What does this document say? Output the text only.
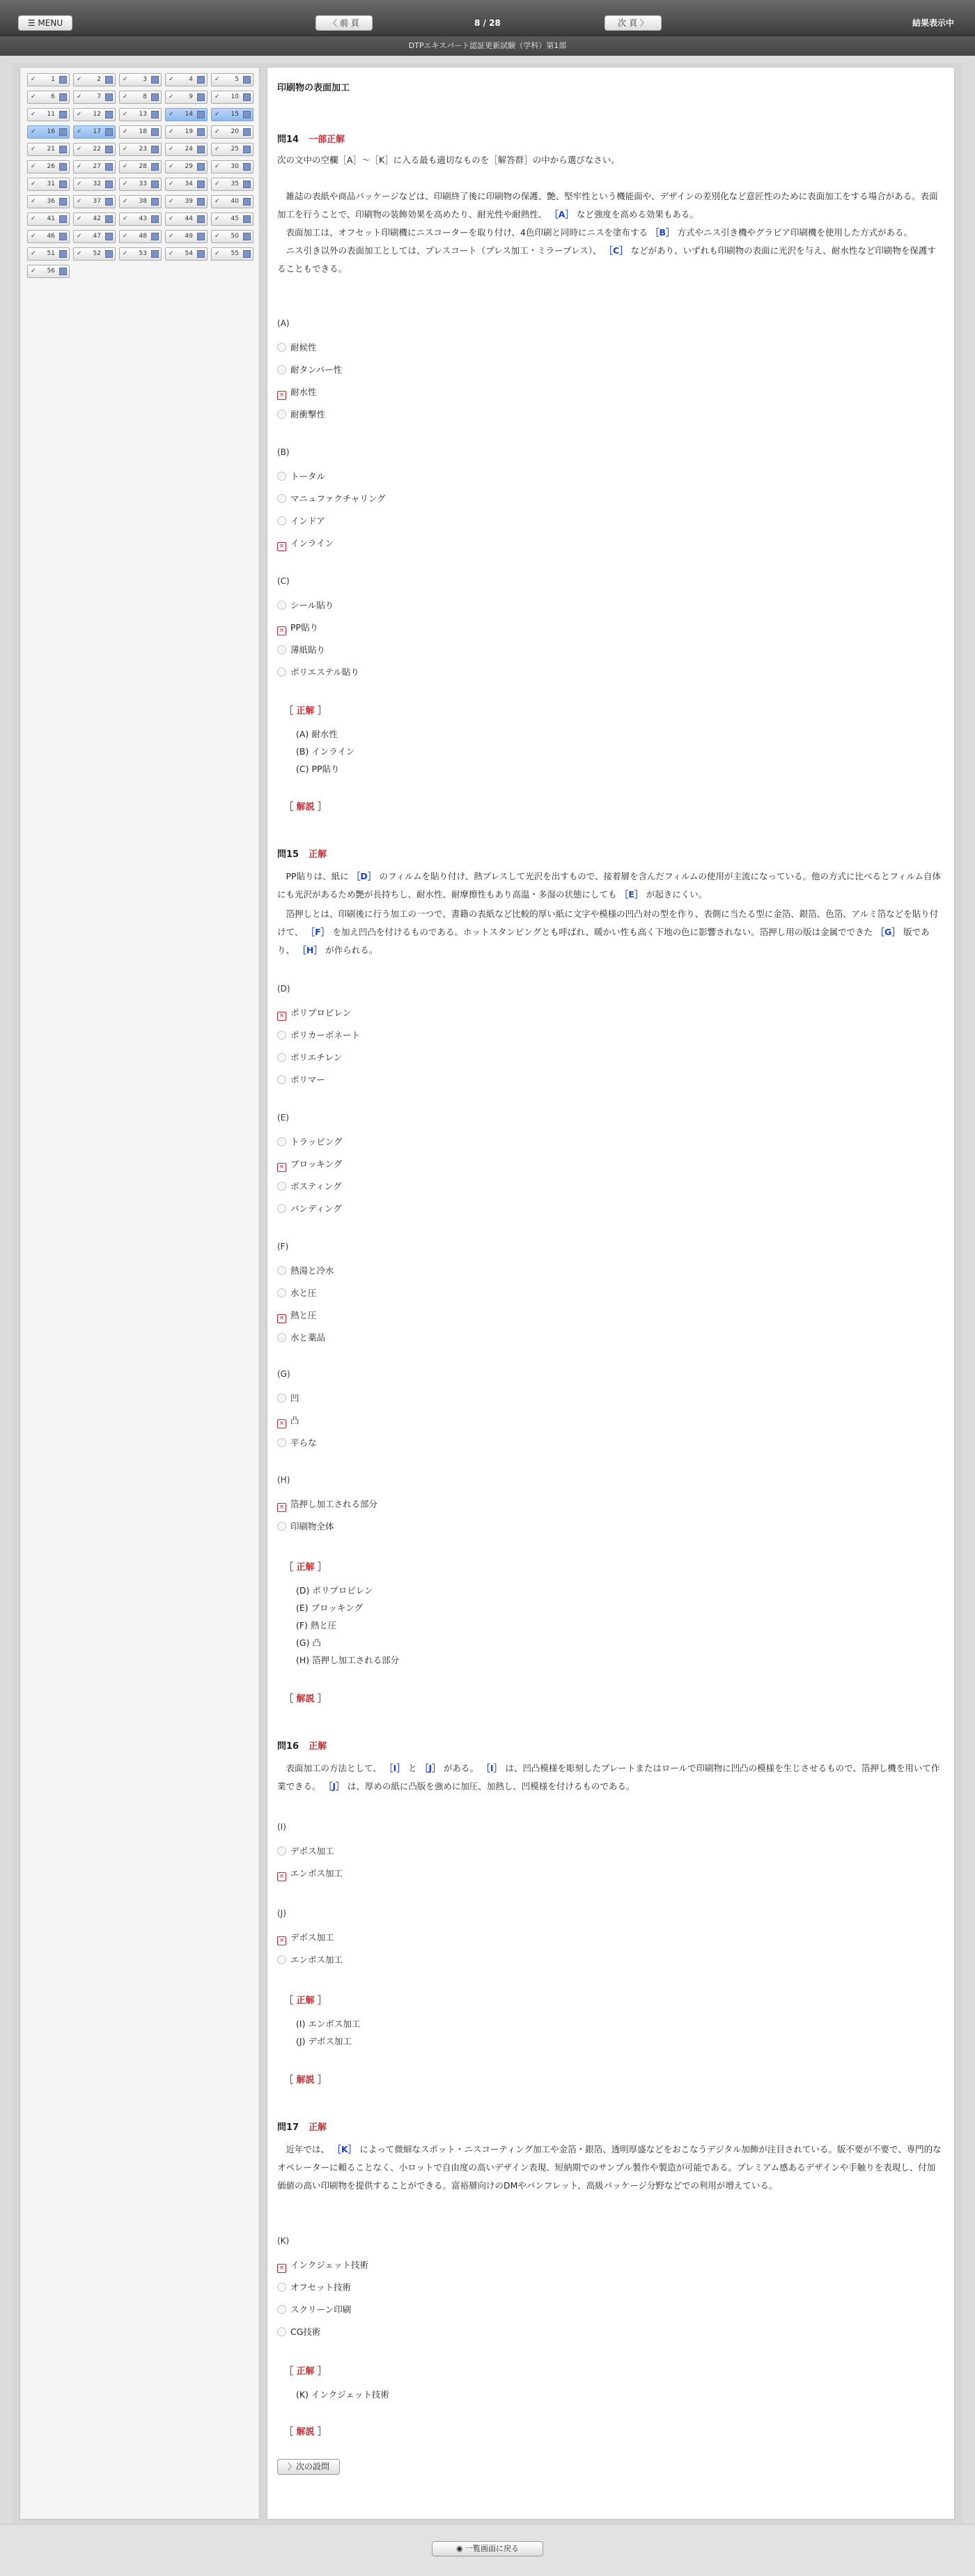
☰ MENU	〈 前 頁	8 / 28	次 頁 〉	結果表示中
DTPエキスパート認証更新試験（学科）第1部
✓ 1	✓ 2	✓ 3	✓ 4	✓ 5
✓ 6	✓ 7	✓ 8	✓ 9	✓ 10
✓ 11	✓ 12	✓ 13	✓ 14	✓ 15
✓ 16	✓ 17	✓ 18	✓ 19	✓ 20
✓ 21	✓ 22	✓ 23	✓ 24	✓ 25
✓ 26	✓ 27	✓ 28	✓ 29	✓ 30
✓ 31	✓ 32	✓ 33	✓ 34	✓ 35
✓ 36	✓ 37	✓ 38	✓ 39	✓ 40
✓ 41	✓ 42	✓ 43	✓ 44	✓ 45
✓ 46	✓ 47	✓ 48	✓ 49	✓ 50
✓ 51	✓ 52	✓ 53	✓ 54	✓ 55
✓ 56
印刷物の表面加工
問14 一部正解
次の文中の空欄［A］〜［K］に入る最も適切なものを［解答群］の中から選びなさい。

　雑誌の表紙や商品パッケージなどは、印刷終了後に印刷物の保護、艶、堅牢性という機能面や、デザインの差別化など意匠性のために表面加工をする場合がある。表面加工を行うことで、印刷物の装飾効果を高めたり、耐光性や耐熱性、 ［A］ など強度を高める効果もある。

　表面加工は、オフセット印刷機にニスコーターを取り付け、4色印刷と同時にニスを塗布する ［B］ 方式やニス引き機やグラビア印刷機を使用した方式がある。

　ニス引き以外の表面加工としては、プレスコート（プレス加工・ミラープレス）、 ［C］ などがあり、いずれも印刷物の表面に光沢を与え、耐水性など印刷物を保護することもできる。

(A)
耐候性
耐タンパー性
× 耐水性
耐衝撃性
(B)
トータル
マニュファクチャリング
インドア
× インライン
(C)
シール貼り
× PP貼り
薄紙貼り
ポリエステル貼り
［ 正解 ］
(A) 耐水性
(B) インライン
(C) PP貼り
［ 解説 ］
問15 正解
　PP貼りは、紙に ［D］ のフィルムを貼り付け、熱プレスして光沢を出すもので、接着層を含んだフィルムの使用が主流になっている。他の方式に比べるとフィルム自体にも光沢があるため艶が長持ちし、耐水性、耐摩擦性もあり高温・多湿の状態にしても ［E］ が起きにくい。
　箔押しとは、印刷後に行う加工の一つで、書籍の表紙など比較的厚い紙に文字や模様の凹凸対の型を作り、表側に当たる型に金箔、銀箔、色箔、アルミ箔などを貼り付けて、 ［F］ を加え凹凸を付けるものである。ホットスタンピングとも呼ばれ、暖かい性も高く下地の色に影響されない。箔押し用の版は金属でできた ［G］ 版であり、 ［H］ が作られる。
(D)
× ポリプロピレン
ポリカーボネート
ポリエチレン
ポリマー
(E)
トラッピング
× ブロッキング
ボスティング
バンディング
(F)
熱湯と冷水
水と圧
× 熱と圧
水と薬品
(G)
凹
× 凸
平らな
(H)
× 箔押し加工される部分
印刷物全体
［ 正解 ］
(D) ポリプロピレン
(E) ブロッキング
(F) 熱と圧
(G) 凸
(H) 箔押し加工される部分
［ 解説 ］
問16 正解
　表面加工の方法として、 ［I］ と ［J］ がある。 ［I］ は、凹凸模様を彫刻したプレートまたはロールで印刷物に凹凸の模様を生じさせるもので、箔押し機を用いて作業できる。 ［J］ は、厚めの紙に凸版を強めに加圧、加熱し、凹模様を付けるものである。
(I)
デボス加工
× エンボス加工
(J)
× デボス加工
エンボス加工
［ 正解 ］
(I) エンボス加工
(J) デボス加工
［ 解説 ］
問17 正解
　近年では、 ［K］ によって微細なスポット・ニスコーティング加工や金箔・銀箔、透明厚盛などをおこなうデジタル加飾が注目されている。版不要が不要で、専門的なオペレーターに頼ることなく、小ロットで自由度の高いデザイン表現、短納期でのサンプル製作や製造が可能である。プレミアム感あるデザインや手触りを表現し、付加価値の高い印刷物を提供することができる。富裕層向けのDMやパンフレット、高級パッケージ分野などでの利用が増えている。
(K)
× インクジェット技術
オフセット技術
スクリーン印刷
CG技術
［ 正解 ］
(K) インクジェット技術
［ 解説 ］
〉次の設問
◉ 一覧画面に戻る
